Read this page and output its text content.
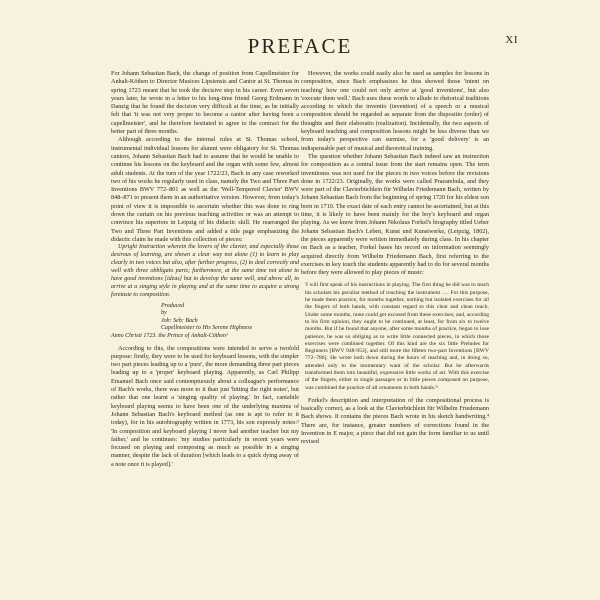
XI
PREFACE

For Johann Sebastian Bach, the change of position from Capellmeister for Anhalt-Köthen to Director Musices Lipsiensis and Cantor at St. Thomas in spring 1723 meant that he took the decisive step in his career. Even seven years later, he wrote in a letter to his long-time friend Georg Erdmann in Danzig that he found the decision very difficult at the time, as he initially felt that 'it was not very proper to become a cantor after having been a capellmeister', and he therefore hesitated to agree to the contract for the better part of three months.

Although according to the internal rules at St. Thomas school, instrumental individual lessons for alumni were obligatory for St. Thomas cantors, Johann Sebastian Bach had to assume that he would be unable to continue his lessons on the keyboard and the organ with some few, almost adult students. At the turn of the year 1722/23, Bach in any case reworked two of his works he regularly used in class, namely the Two and Three Part Inventions BWV 772–801 as well as the 'Well-Tempered Clavier' BWV 848–871 to present them in an authoritative version. However, from today's point of view it is impossible to ascertain whether this was done to ring down the curtain on his previous teaching activities or was an attempt to convince his superiors in Leipzig of his didactic skill. He rearranged the Two and Three Part Inventions and added a title page emphasizing the didactic claim he made with this collection of pieces:

Upright Instruction wherein the lovers of the clavier, and especially those desirous of learning, are shown a clear way not alone (1) to learn to play clearly in two voices but also, after further progress, (2) to deal correctly and well with three obbligato parts; furthermore, at the same time not alone to have good inventions [ideas] but to develop the same well, and above all, to arrive at a singing style in playing and at the same time to acquire a strong foretaste to composition.

Produced
by
Joh: Seb: Bach
Capellmeister to His Serene Highness
Anno Christi 1723. the Prince of Anhalt-Cöthen¹

According to this, the compositions were intended to serve a twofold purpose: firstly, they were to be used for keyboard lessons, with the simpler two part pieces leading up to a 'pure', the more demanding three part pieces leading up to a 'proper' keyboard playing. Apparently, as Carl Philipp Emanuel Bach once said contemptuously about a colleague's performance of Bach's works, there was more to it than just 'hitting the right notes', but rather that one learnt a 'singing quality of playing.' In fact, cantabile keyboard playing seems to have been one of the underlying maxims of Johann Sebastian Bach's keyboard method (as one is apt to refer to it today), for in his autobiography written in 1773, his son expressly notes:² 'In composition and keyboard playing I never had another teacher but my father,' and he continues: 'my studies particularly in recent years were focused on playing and composing as much as possible in a singing manner, despite the lack of duration [which leads to a quick dying away of a note once it is played].'

However, the works could easily also be used as samples for lessons in composition, since Bach emphasizes he thus showed those 'intent on teaching' how one could not only arrive at 'good inventions', but also 'execute them well.' Bach uses these words to allude to rhetorical traditions according to which the inventio (invention) of a speech or a musical composition should be regarded as separate from the dispositio (order) of thoughts and their elaboratio (realization). Incidentally, the two aspects of keyboard teaching and composition lessons might be less diverse than we from today's perspective can surmise, for a 'good delivery' is an indispensable part of musical and theoretical training.

The question whether Johann Sebastian Bach indeed saw an instruction for composition as a central issue from the start remains open. The term inventiones was not used for the pieces in two voices before the revisions done in 1722/23. Originally, the works were called Praeambula, and they were part of the Clavierbüchlein für Wilhelm Friedemann Bach, written by Johann Sebastian Bach from the beginning of spring 1720 for his eldest son born in 1710. The exact date of each entry cannot be ascertained, but at this time, it is likely to have been mainly for the boy's keyboard and organ playing. As we know from Johann Nikolaus Forkel's biography titled Ueber Johann Sebastian Bach's Leben, Kunst und Kunstwerke, (Leipzig, 1802), the pieces apparently were written immediately during class. In his chapter on Bach as a teacher, Forkel bases his record on information seemingly acquired directly from Wilhelm Friedemann Bach, first referring to the exercises in key touch the students apparently had to do for several months before they were allowed to play pieces of music:

'I will first speak of his instructions in playing. The first thing he did was to teach his scholars his peculiar method of touching the instrument …. For this purpose, he made them practice, for months together, nothing but isolated exercises for all the fingers of both hands, with constant regard to this clear and clean touch. Under some months, none could get excused from these exercises; and, according to his firm opinion, they ought to be continued, at least, for from six to twelve months. But if he found that anyone, after some months of practice, began to lose patience, he was so obliging as to write little connected pieces, in which those exercises were combined together. Of this kind are the six little Preludes for Beginners [BWV 948-953], and still more the fifteen two-part Inventions [BWV 772–786]. He wrote both down during the hours of teaching and, in doing so, attended only to the momentary want of the scholar. But he afterwards transformed them into beautiful, expressive little works of art. With this exercise of the fingers, either in single passages or in little pieces composed on purpose, was combined the practice of all ornaments in both hands.'³

Forkel's description and interpretation of the compositional process is basically correct, as a look at the Clavierbüchlein für Wilhelm Friedemann Bach shows. It contains the pieces Bach wrote in his sketch handwriting.⁴ There are, for instance, greater numbers of corrections found in the Invention in E major, a piece that did not gain the form familiar to us until revised
